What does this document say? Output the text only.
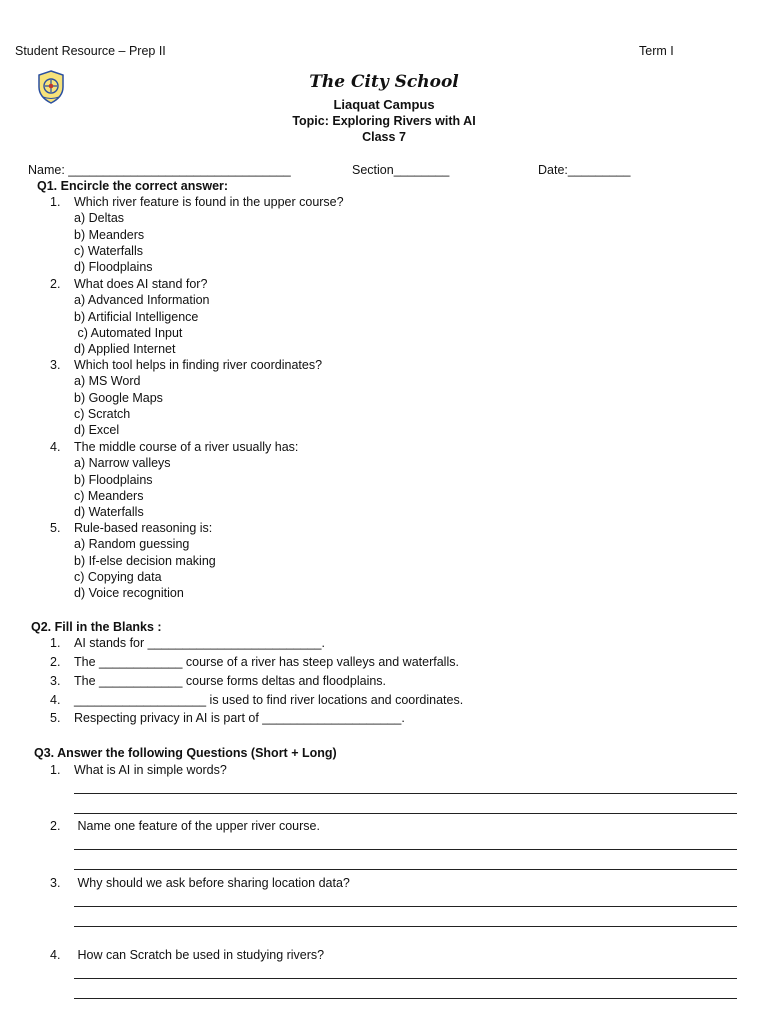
Student Resource – Prep II	Term I
The City School
Liaquat Campus
Topic: Exploring Rivers with AI
Class 7
Name: ________________________________	Section________	Date:_________
Q1. Encircle the correct answer:
1. Which river feature is found in the upper course?
a) Deltas
b) Meanders
c) Waterfalls
d) Floodplains
2. What does AI stand for?
a) Advanced Information
b) Artificial Intelligence
c) Automated Input
d) Applied Internet
3. Which tool helps in finding river coordinates?
a) MS Word
b) Google Maps
c) Scratch
d) Excel
4. The middle course of a river usually has:
a) Narrow valleys
b) Floodplains
c) Meanders
d) Waterfalls
5. Rule-based reasoning is:
a) Random guessing
b) If-else decision making
c) Copying data
d) Voice recognition
Q2. Fill in the Blanks :
1. AI stands for _________________________.
2. The ____________ course of a river has steep valleys and waterfalls.
3. The ____________ course forms deltas and floodplains.
4. ___________________ is used to find river locations and coordinates.
5. Respecting privacy in AI is part of ____________________.
Q3. Answer the following Questions (Short + Long)
1. What is AI in simple words?
2. Name one feature of the upper river course.
3. Why should we ask before sharing location data?
4. How can Scratch be used in studying rivers?
